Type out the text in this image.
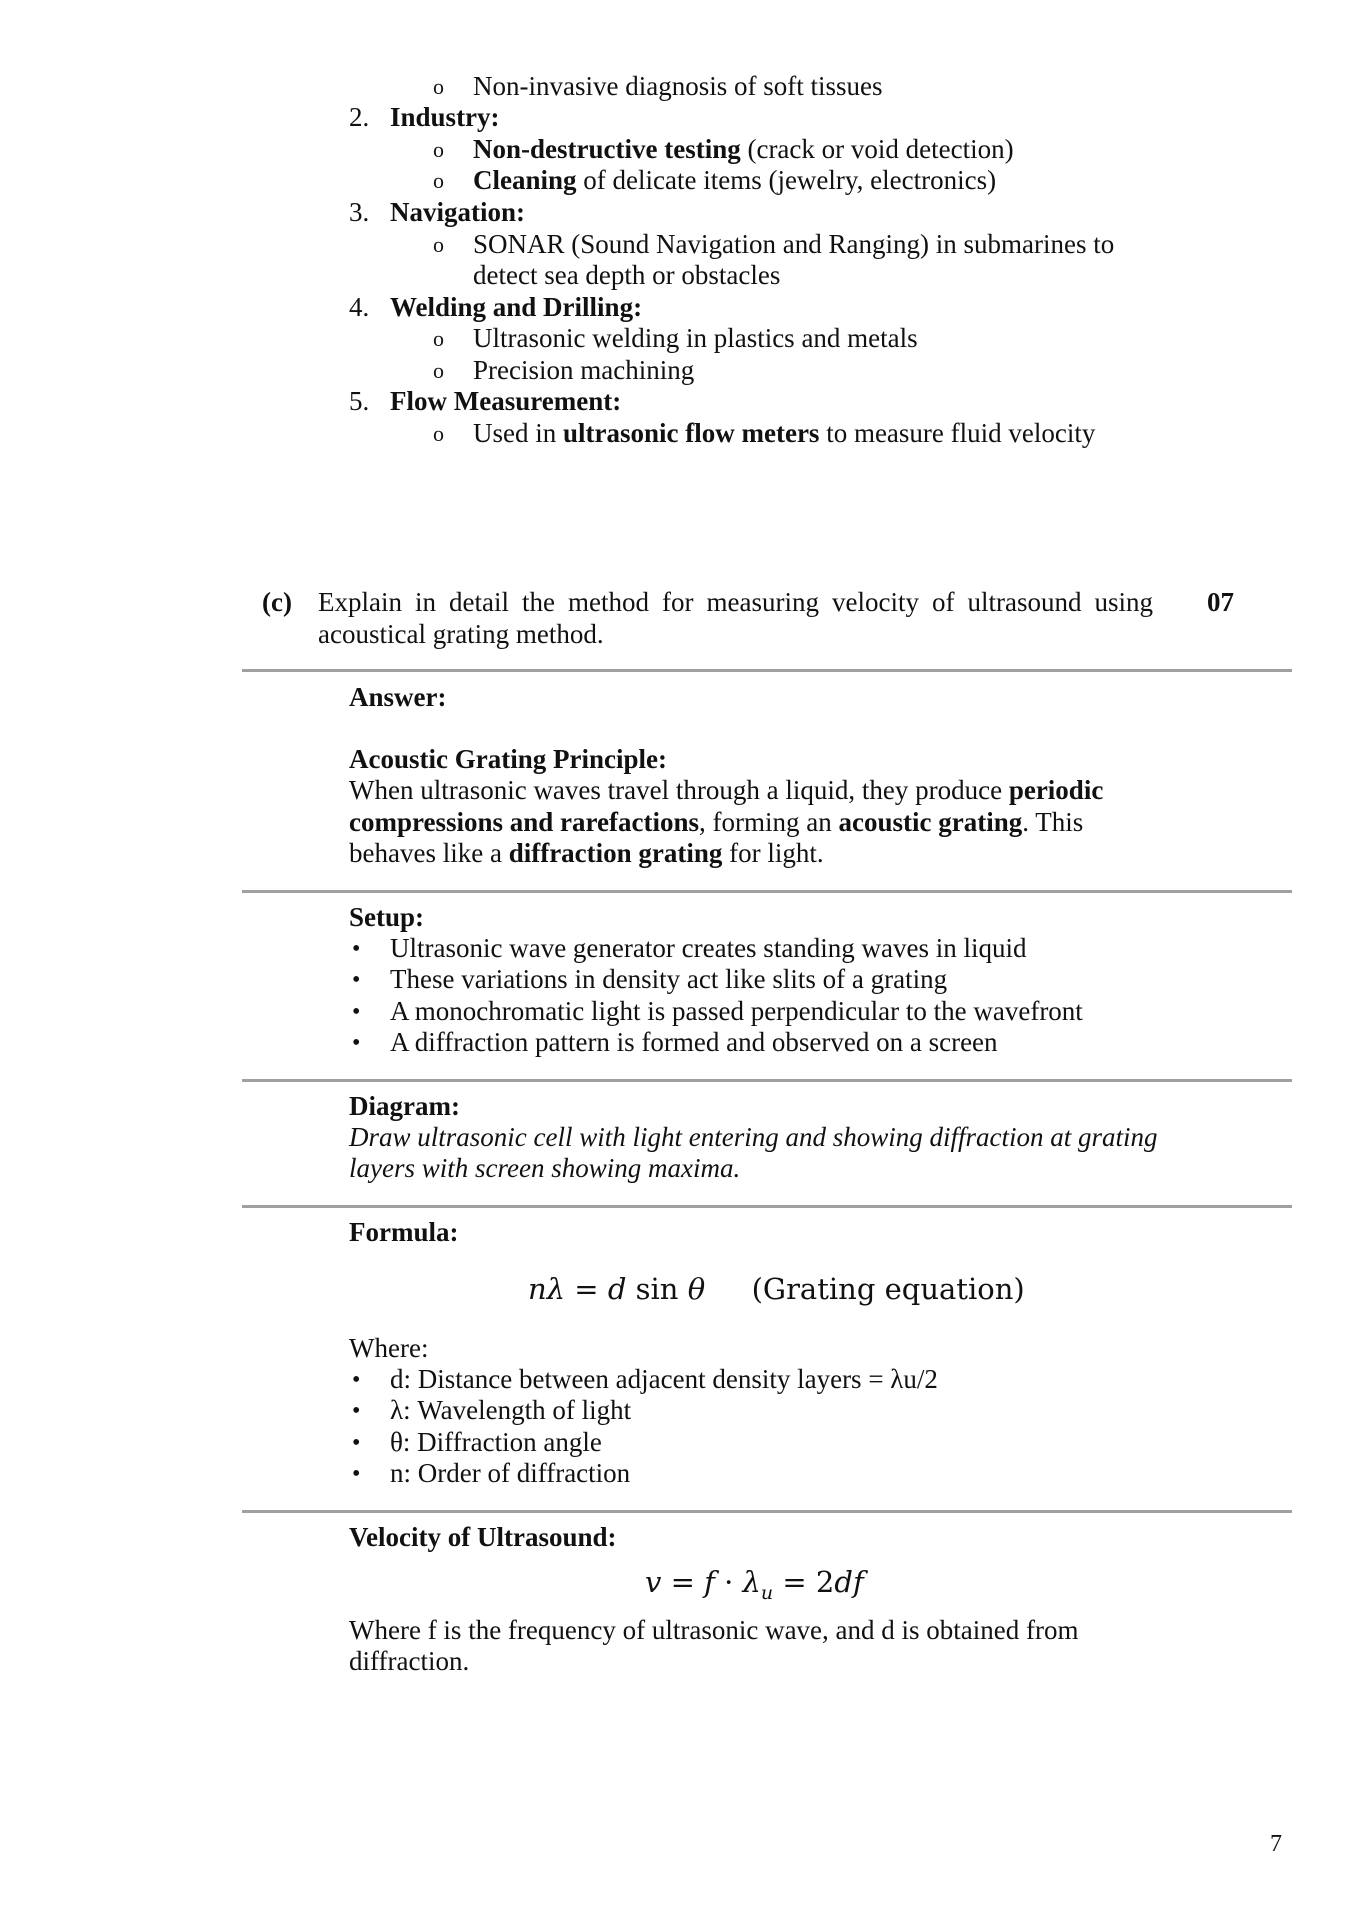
o Non-invasive diagnosis of soft tissues
2. Industry:
o Non-destructive testing (crack or void detection)
o Cleaning of delicate items (jewelry, electronics)
3. Navigation:
o SONAR (Sound Navigation and Ranging) in submarines to
detect sea depth or obstacles
4. Welding and Drilling:
o Ultrasonic welding in plastics and metals
o Precision machining
5. Flow Measurement:
o Used in ultrasonic flow meters to measure fluid velocity
(c) Explain in detail the method for measuring velocity of ultrasound using
acoustical grating method.
07
Answer:
Acoustic Grating Principle:
When ultrasonic waves travel through a liquid, they produce periodic
compressions and rarefactions, forming an acoustic grating. This
behaves like a diffraction grating for light.
Setup:
• Ultrasonic wave generator creates standing waves in liquid
• These variations in density act like slits of a grating
• A monochromatic light is passed perpendicular to the wavefront
• A diffraction pattern is formed and observed on a screen
Diagram:
Draw ultrasonic cell with light entering and showing diffraction at grating
layers with screen showing maxima.
Formula:
nλ = d sin θ (Grating equation)
Where:
• d: Distance between adjacent density layers = λu/2
• λ: Wavelength of light
• θ: Diffraction angle
• n: Order of diffraction
Velocity of Ultrasound:
$v = f \cdot \lambda_u = 2df$
Where f is the frequency of ultrasonic wave, and d is obtained from
diffraction.
7
